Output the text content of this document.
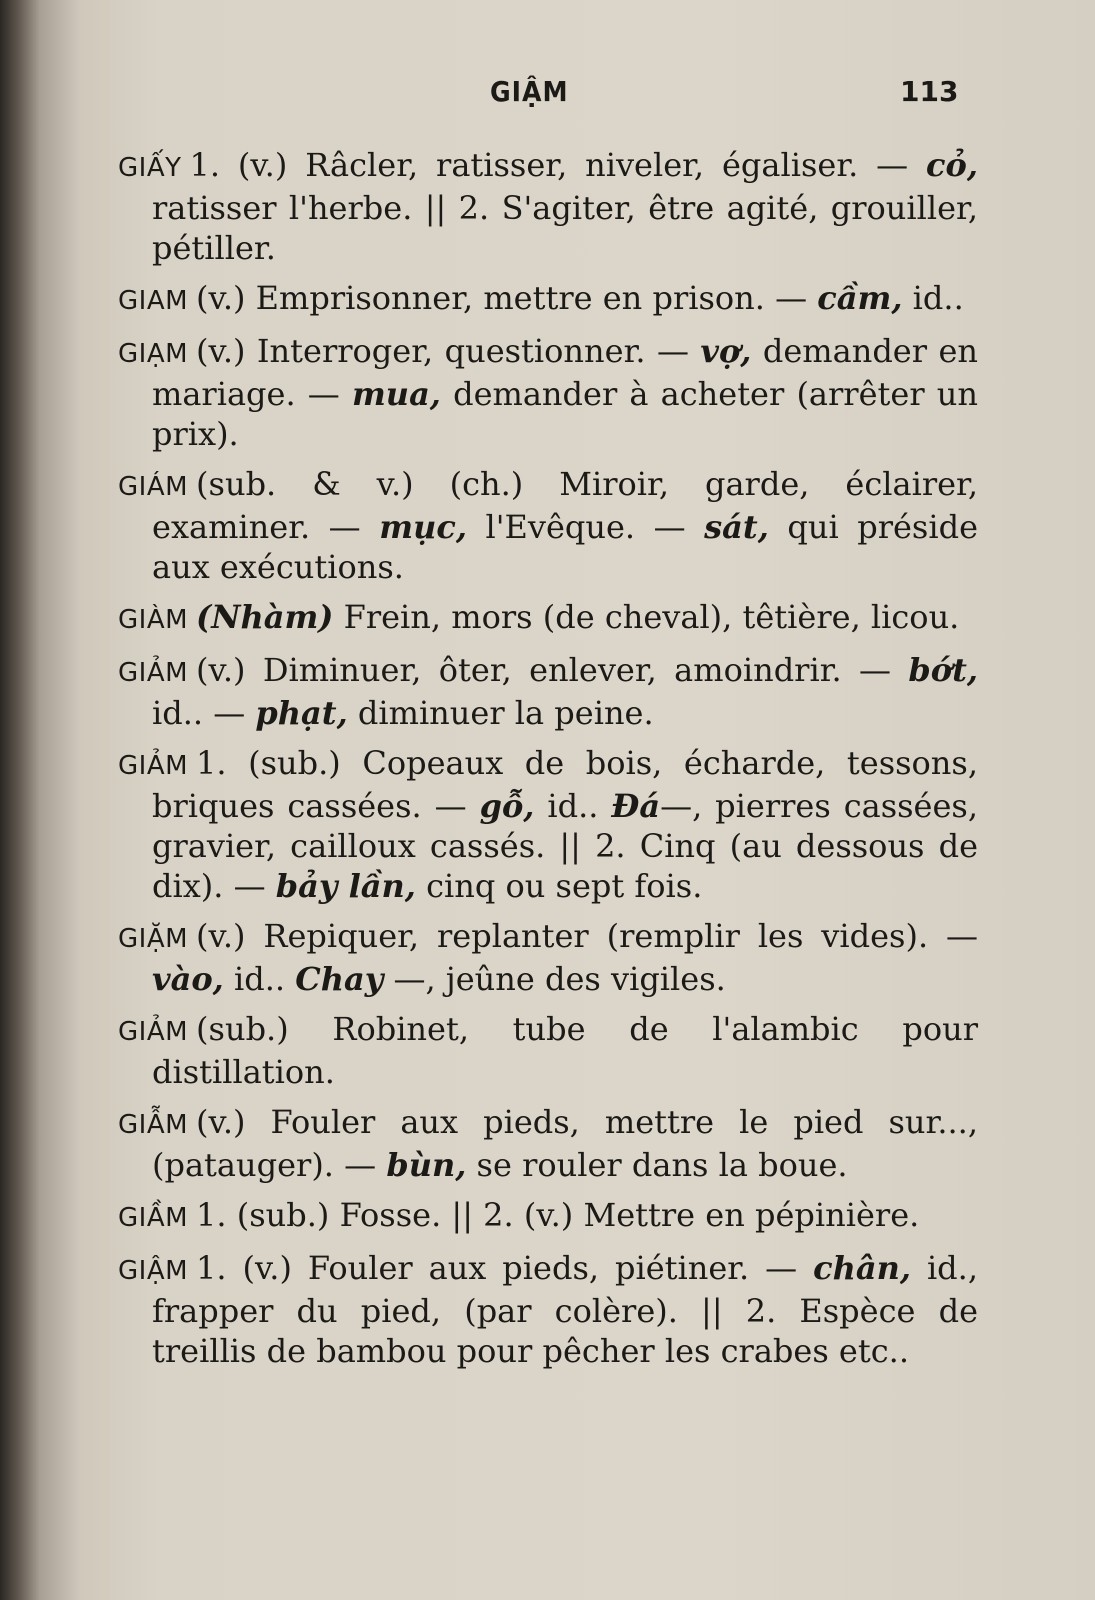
GIẬM	113

GIẤY 1. (v.) Râcler, ratisser, niveler, égaliser. — cỏ, ratisser l'herbe. || 2. S'agiter, être agité, grouiller, pétiller.

GIAM (v.) Emprisonner, mettre en prison. — cầm, id..

GIẠM (v.) Interroger, questionner. — vợ, demander en mariage. — mua, demander à acheter (arrêter un prix).

GIÁM (sub. & v.) (ch.) Miroir, garde, éclairer, examiner. — mục, l'Evêque. — sát, qui préside aux exécutions.

GIÀM (Nhàm) Frein, mors (de cheval), têtière, licou.

GIẢM (v.) Diminuer, ôter, enlever, amoindrir. — bớt, id.. — phạt, diminuer la peine.

GIẢM 1. (sub.) Copeaux de bois, écharde, tessons, briques cassées. — gỗ, id.. Đá—, pierres cassées, gravier, cailloux cassés. || 2. Cinq (au dessous de dix). — bảy lần, cinq ou sept fois.

GIẶM (v.) Repiquer, replanter (remplir les vides). — vào, id.. Chay —, jeûne des vigiles.

GIẢM (sub.) Robinet, tube de l'alambic pour distillation.

GIẪM (v.) Fouler aux pieds, mettre le pied sur..., (patauger). — bùn, se rouler dans la boue.

GIẦM 1. (sub.) Fosse. || 2. (v.) Mettre en pépinière.

GIẬM 1. (v.) Fouler aux pieds, piétiner. — chân, id., frapper du pied, (par colère). || 2. Espèce de treillis de bambou pour pêcher les crabes etc..
